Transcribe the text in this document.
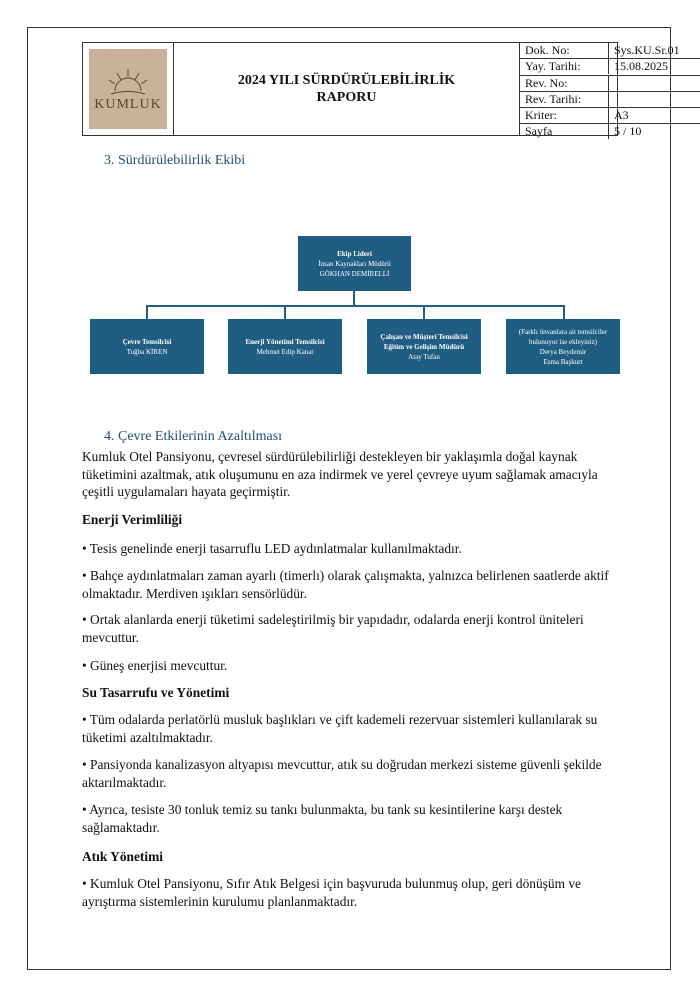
KUMLUK
2024 YILI SÜRDÜRÜLEBİLİRLİK
RAPORU
Dok. No:	Sys.KU.Sr.01
Yay. Tarihi:	15.08.2025
Rev. No:
Rev. Tarihi:
Kriter:	A3
Sayfa	5 / 10
3. Sürdürülebilirlik Ekibi
Ekip Lideri
İnsan Kaynakları Müdürü
GÖKHAN DEMİRELLİ
Çevre Temsilcisi
Tuğba KİREN
Enerji Yönetimi Temsilcisi
Mehmet Edip Kanat
Çalışan ve Müşteri Temsilcisi
Eğitim ve Gelişim Müdürü
Atay Tufan
(Farklı ünvanlara ait temsilciler
bulunuyor ise ekleyiniz)
Derya Beydemir
Esma Başkurt
4. Çevre Etkilerinin Azaltılması
Kumluk Otel Pansiyonu, çevresel sürdürülebilirliği destekleyen bir yaklaşımla doğal kaynak tüketimini azaltmak, atık oluşumunu en aza indirmek ve yerel çevreye uyum sağlamak amacıyla çeşitli uygulamaları hayata geçirmiştir.
Enerji Verimliliği
• Tesis genelinde enerji tasarruflu LED aydınlatmalar kullanılmaktadır.
• Bahçe aydınlatmaları zaman ayarlı (timerlı) olarak çalışmakta, yalnızca belirlenen saatlerde aktif olmaktadır. Merdiven ışıkları sensörlüdür.
• Ortak alanlarda enerji tüketimi sadeleştirilmiş bir yapıdadır, odalarda enerji kontrol üniteleri mevcuttur.
• Güneş enerjisi mevcuttur.
Su Tasarrufu ve Yönetimi
• Tüm odalarda perlatörlü musluk başlıkları ve çift kademeli rezervuar sistemleri kullanılarak su tüketimi azaltılmaktadır.
• Pansiyonda kanalizasyon altyapısı mevcuttur, atık su doğrudan merkezi sisteme güvenli şekilde aktarılmaktadır.
• Ayrıca, tesiste 30 tonluk temiz su tankı bulunmakta, bu tank su kesintilerine karşı destek sağlamaktadır.
Atık Yönetimi
• Kumluk Otel Pansiyonu, Sıfır Atık Belgesi için başvuruda bulunmuş olup, geri dönüşüm ve ayrıştırma sistemlerinin kurulumu planlanmaktadır.
